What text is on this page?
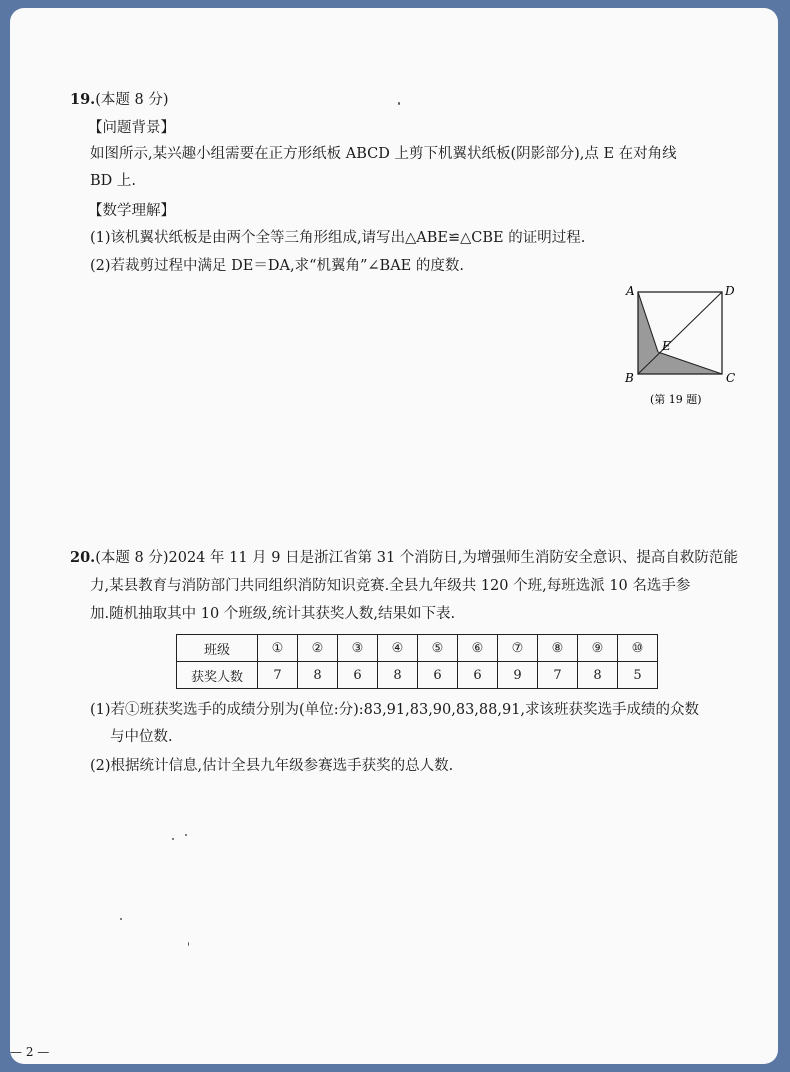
19.(本题 8 分)
【问题背景】
如图所示,某兴趣小组需要在正方形纸板 ABCD 上剪下机翼状纸板(阴影部分),点 E 在对角线
BD 上.
【数学理解】
(1)该机翼状纸板是由两个全等三角形组成,请写出△ABE≌△CBE 的证明过程.
(2)若裁剪过程中满足 DE＝DA,求“机翼角”∠BAE 的度数.
A
B	C
D
E
(第 19 题)
20.(本题 8 分)2024 年 11 月 9 日是浙江省第 31 个消防日,为增强师生消防安全意识、提高自救防范能
力,某县教育与消防部门共同组织消防知识竞赛.全县九年级共 120 个班,每班选派 10 名选手参
加.随机抽取其中 10 个班级,统计其获奖人数,结果如下表.
班级	①	②	③	④	⑤	⑥	⑦	⑧	⑨	⑩
获奖人数	7	8	6	8	6	6	9	7	8	5
(1)若①班获奖选手的成绩分别为(单位:分):83,91,83,90,83,88,91,求该班获奖选手成绩的众数
与中位数.
(2)根据统计信息,估计全县九年级参赛选手获奖的总人数.
— 2 —
